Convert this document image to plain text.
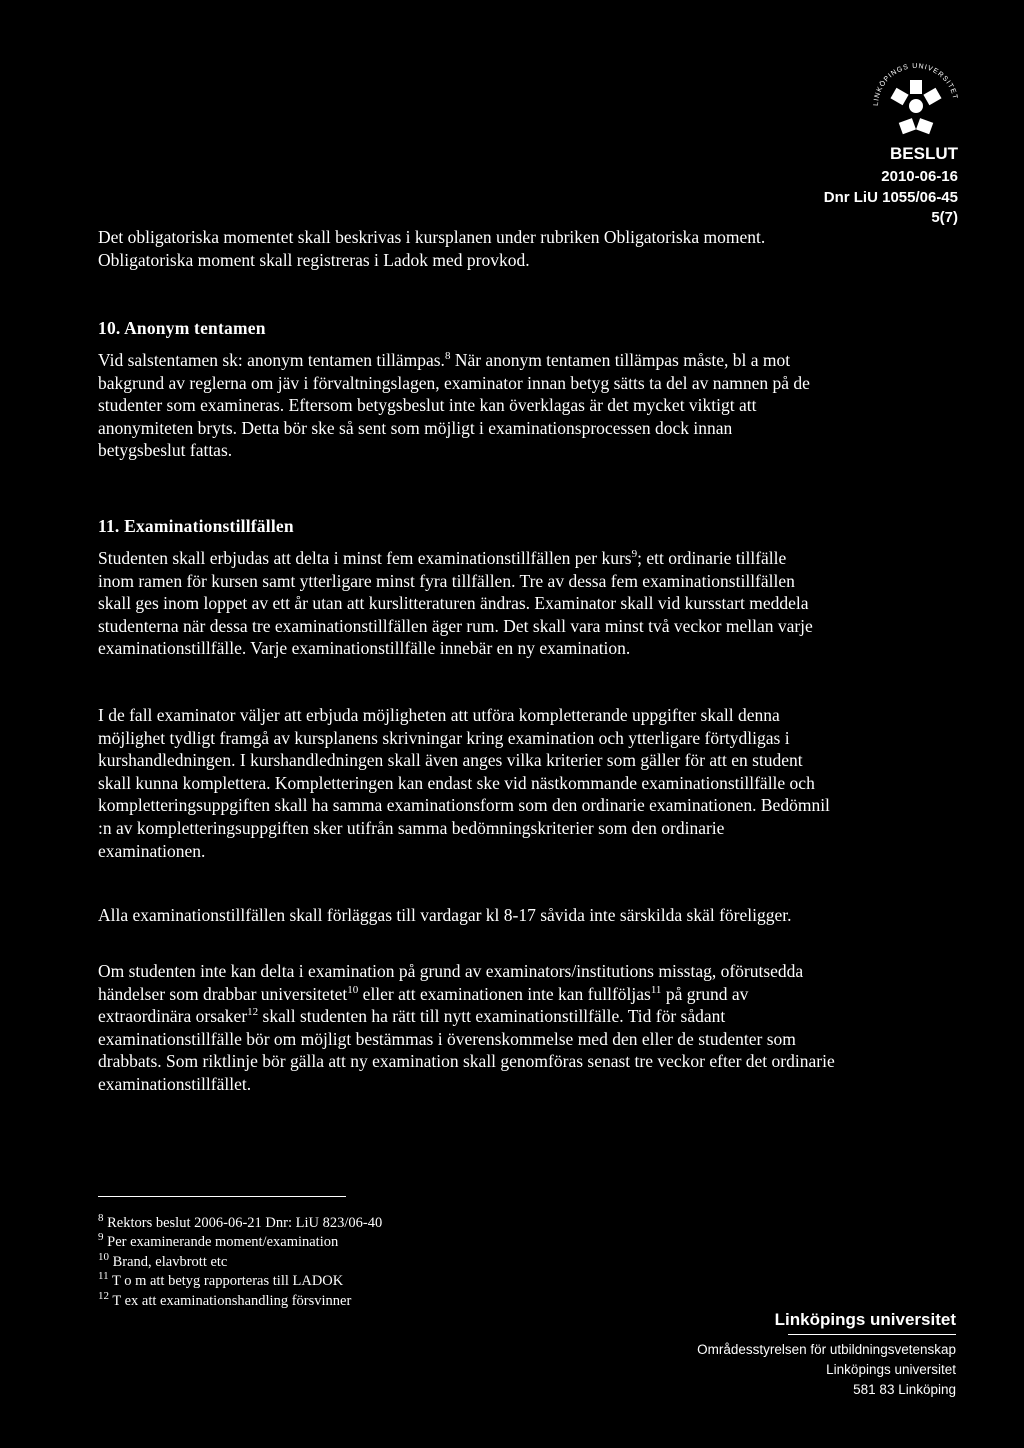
LINKÖPINGS UNIVERSITET
BESLUT
2010-06-16
Dnr LiU 1055/06-45
5(7)

Det obligatoriska momentet skall beskrivas i kursplanen under rubriken Obligatoriska moment. Obligatoriska moment skall registreras i Ladok med provkod.

10. Anonym tentamen

Vid salstentamen sk: anonym tentamen tillämpas.$^8$ När anonym tentamen tillämpas måste, bl a mot bakgrund av reglerna om jäv i förvaltningslagen, examinator innan betyg sätts ta del av namnen på de studenter som examineras. Eftersom betygsbeslut inte kan överklagas är det mycket viktigt att anonymiteten bryts. Detta bör ske så sent som möjligt i examinationsprocessen dock innan betygsbeslut fattas.

11. Examinationstillfällen

Studenten skall erbjudas att delta i minst fem examinationstillfällen per kurs$^9$; ett ordinarie tillfälle inom ramen för kursen samt ytterligare minst fyra tillfällen. Tre av dessa fem examinationstillfällen skall ges inom loppet av ett år utan att kurslitteraturen ändras. Examinator skall vid kursstart meddela studenterna när dessa tre examinationstillfällen äger rum. Det skall vara minst två veckor mellan varje examinationstillfälle. Varje examinationstillfälle innebär en ny examination.

I de fall examinator väljer att erbjuda möjligheten att utföra kompletterande uppgifter skall denna möjlighet tydligt framgå av kursplanens skrivningar kring examination och ytterligare förtydligas i kurshandledningen. I kurshandledningen skall även anges vilka kriterier som gäller för att en student skall kunna komplettera. Kompletteringen kan endast ske vid nästkommande examinationstillfälle och kompletteringsuppgiften skall ha samma examinationsform som den ordinarie examinationen. Bedömnil :n av kompletteringsuppgiften sker utifrån samma bedömningskriterier som den ordinarie examinationen.

Alla examinationstillfällen skall förläggas till vardagar kl 8-17 såvida inte särskilda skäl föreligger.

Om studenten inte kan delta i examination på grund av examinators/institutions misstag, oförutsedda händelser som drabbar universitetet$^{10}$ eller att examinationen inte kan fullföljas$^{11}$ på grund av extraordinära orsaker$^{12}$ skall studenten ha rätt till nytt examinationstillfälle. Tid för sådant examinationstillfälle bör om möjligt bestämmas i överenskommelse med den eller de studenter som drabbats. Som riktlinje bör gälla att ny examination skall genomföras senast tre veckor efter det ordinarie examinationstillfället.

$^8$ Rektors beslut 2006-06-21 Dnr: LiU 823/06-40
$^9$ Per examinerande moment/examination
$^{10}$ Brand, elavbrott etc
$^{11}$ T o m att betyg rapporteras till LADOK
$^{12}$ T ex att examinationshandling försvinner
Linköpings universitet
Områdesstyrelsen för utbildningsvetenskap
Linköpings universitet
581 83 Linköping
